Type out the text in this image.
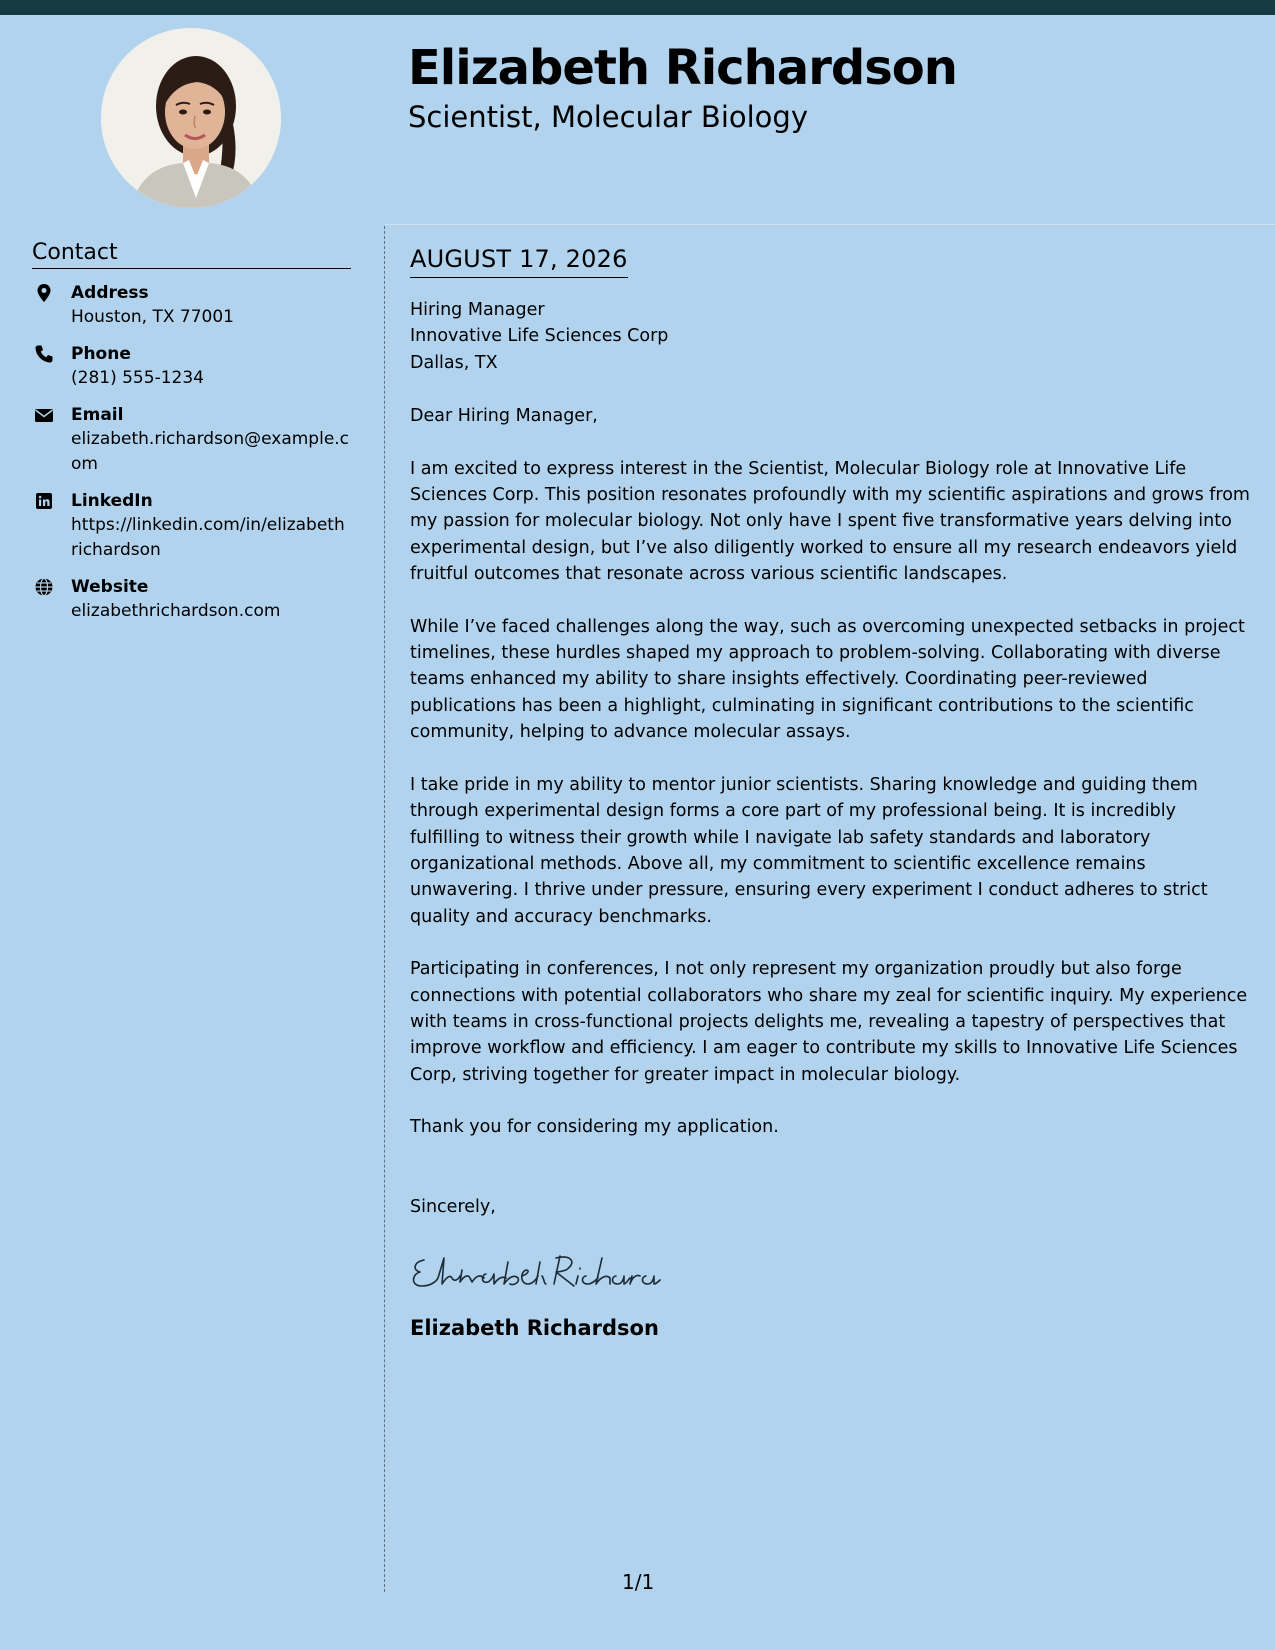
Elizabeth Richardson
Scientist, Molecular Biology
Contact
Address
Houston, TX 77001
Phone
(281) 555-1234
Email
elizabeth.richardson@example.com
LinkedIn
https://linkedin.com/in/elizabethrichardson
Website
elizabethrichardson.com
AUGUST 17, 2026
Hiring Manager
Innovative Life Sciences Corp
Dallas, TX
Dear Hiring Manager,

I am excited to express interest in the Scientist, Molecular Biology role at Innovative Life Sciences Corp. This position resonates profoundly with my scientific aspirations and grows from my passion for molecular biology. Not only have I spent five transformative years delving into experimental design, but I’ve also diligently worked to ensure all my research endeavors yield fruitful outcomes that resonate across various scientific landscapes.

While I’ve faced challenges along the way, such as overcoming unexpected setbacks in project timelines, these hurdles shaped my approach to problem-solving. Collaborating with diverse teams enhanced my ability to share insights effectively. Coordinating peer-reviewed publications has been a highlight, culminating in significant contributions to the scientific community, helping to advance molecular assays.

I take pride in my ability to mentor junior scientists. Sharing knowledge and guiding them through experimental design forms a core part of my professional being. It is incredibly fulfilling to witness their growth while I navigate lab safety standards and laboratory organizational methods. Above all, my commitment to scientific excellence remains unwavering. I thrive under pressure, ensuring every experiment I conduct adheres to strict quality and accuracy benchmarks.

Participating in conferences, I not only represent my organization proudly but also forge connections with potential collaborators who share my zeal for scientific inquiry. My experience with teams in cross-functional projects delights me, revealing a tapestry of perspectives that improve workflow and efficiency. I am eager to contribute my skills to Innovative Life Sciences Corp, striving together for greater impact in molecular biology.

Thank you for considering my application.
Sincerely,
Elizabeth Richardson
1/1
